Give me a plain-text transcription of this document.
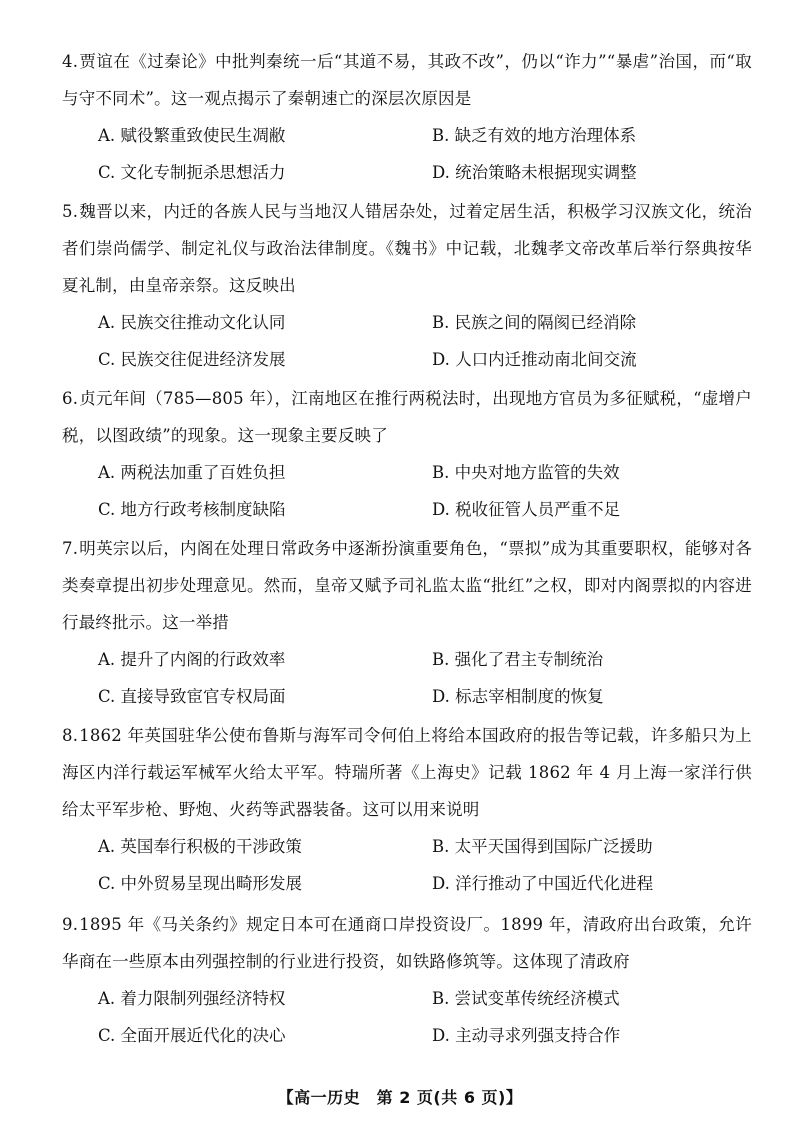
4.贾谊在《过秦论》中批判秦统一后“其道不易，其政不改”，仍以“诈力”“暴虐”治国，而“取与守不同术”。这一观点揭示了秦朝速亡的深层次原因是

A. 赋役繁重致使民生凋敝	B. 缺乏有效的地方治理体系
C. 文化专制扼杀思想活力	D. 统治策略未根据现实调整

5.魏晋以来，内迁的各族人民与当地汉人错居杂处，过着定居生活，积极学习汉族文化，统治者们崇尚儒学、制定礼仪与政治法律制度。《魏书》中记载，北魏孝文帝改革后举行祭典按华夏礼制，由皇帝亲祭。这反映出

A. 民族交往推动文化认同	B. 民族之间的隔阂已经消除
C. 民族交往促进经济发展	D. 人口内迁推动南北间交流

6.贞元年间（785—805 年），江南地区在推行两税法时，出现地方官员为多征赋税，“虚增户税，以图政绩”的现象。这一现象主要反映了

A. 两税法加重了百姓负担	B. 中央对地方监管的失效
C. 地方行政考核制度缺陷	D. 税收征管人员严重不足

7.明英宗以后，内阁在处理日常政务中逐渐扮演重要角色，“票拟”成为其重要职权，能够对各类奏章提出初步处理意见。然而，皇帝又赋予司礼监太监“批红”之权，即对内阁票拟的内容进行最终批示。这一举措

A. 提升了内阁的行政效率	B. 强化了君主专制统治
C. 直接导致宦官专权局面	D. 标志宰相制度的恢复

8.1862 年英国驻华公使布鲁斯与海军司令何伯上将给本国政府的报告等记载，许多船只为上海区内洋行载运军械军火给太平军。特瑞所著《上海史》记载 1862 年 4 月上海一家洋行供给太平军步枪、野炮、火药等武器装备。这可以用来说明

A. 英国奉行积极的干涉政策	B. 太平天国得到国际广泛援助
C. 中外贸易呈现出畸形发展	D. 洋行推动了中国近代化进程

9.1895 年《马关条约》规定日本可在通商口岸投资设厂。1899 年，清政府出台政策，允许华商在一些原本由列强控制的行业进行投资，如铁路修筑等。这体现了清政府

A. 着力限制列强经济特权	B. 尝试变革传统经济模式
C. 全面开展近代化的决心	D. 主动寻求列强支持合作
【高一历史　第 2 页(共 6 页)】
